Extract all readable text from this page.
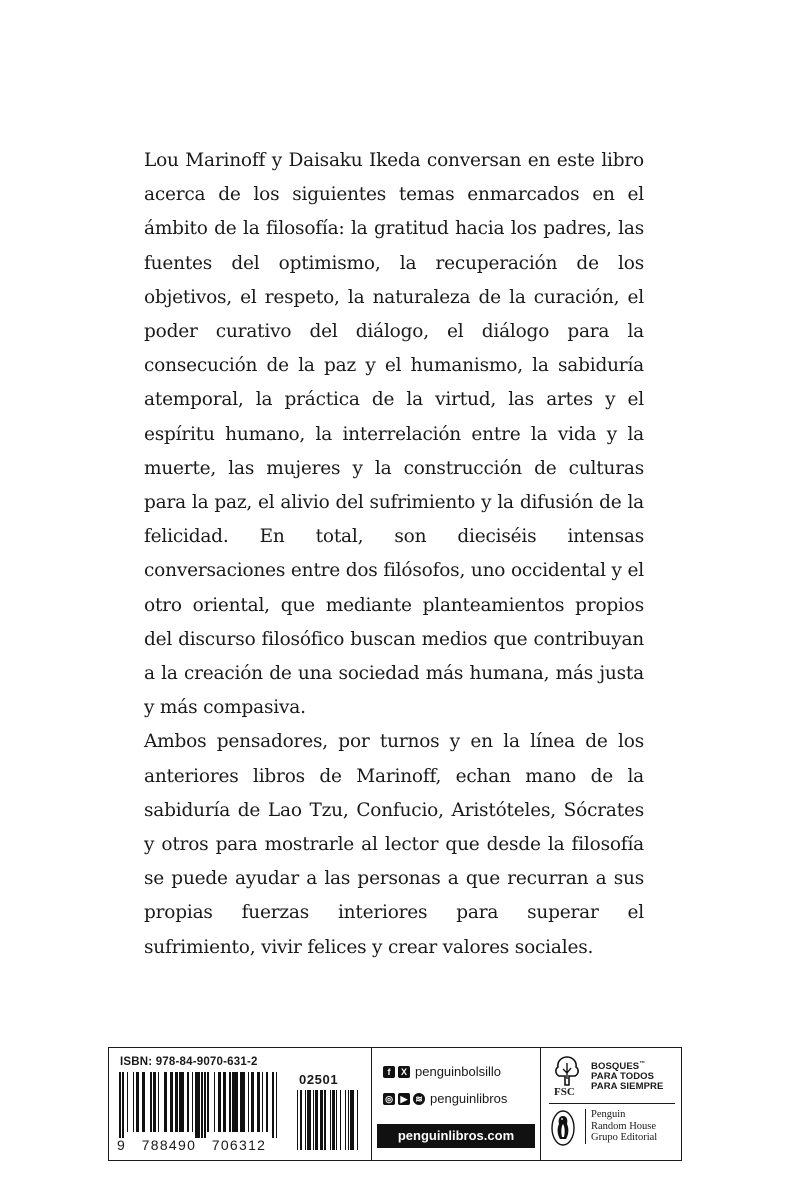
Lou Marinoff y Daisaku Ikeda conversan en este libro acerca de los siguientes temas enmarcados en el ámbito de la filosofía: la gratitud hacia los padres, las fuentes del optimismo, la recuperación de los objetivos, el respeto, la naturaleza de la curación, el poder curativo del diálogo, el diálogo para la consecución de la paz y el humanismo, la sabiduría atemporal, la práctica de la virtud, las artes y el espíritu humano, la interrelación entre la vida y la muerte, las mujeres y la construcción de culturas para la paz, el alivio del sufrimiento y la difusión de la felicidad. En total, son dieciséis intensas conversaciones entre dos filósofos, uno occidental y el otro oriental, que mediante planteamientos propios del discurso filosófico buscan medios que contribuyan a la creación de una sociedad más humana, más justa y más compasiva.

Ambos pensadores, por turnos y en la línea de los anteriores libros de Marinoff, echan mano de la sabiduría de Lao Tzu, Confucio, Aristóteles, Sócrates y otros para mostrarle al lector que desde la filosofía se puede ayudar a las personas a que recurran a sus propias fuerzas interiores para superar el sufrimiento, vivir felices y crear valores sociales.

ISBN: 978-84-9070-631-2
9   788490   706312
02501
f	X penguinbolsillo
◎ ▶ ≋ penguinlibros
penguinlibros.com
FSC
BOSQUES™
PARA TODOS
PARA SIEMPRE
Penguin
Random House
Grupo Editorial
